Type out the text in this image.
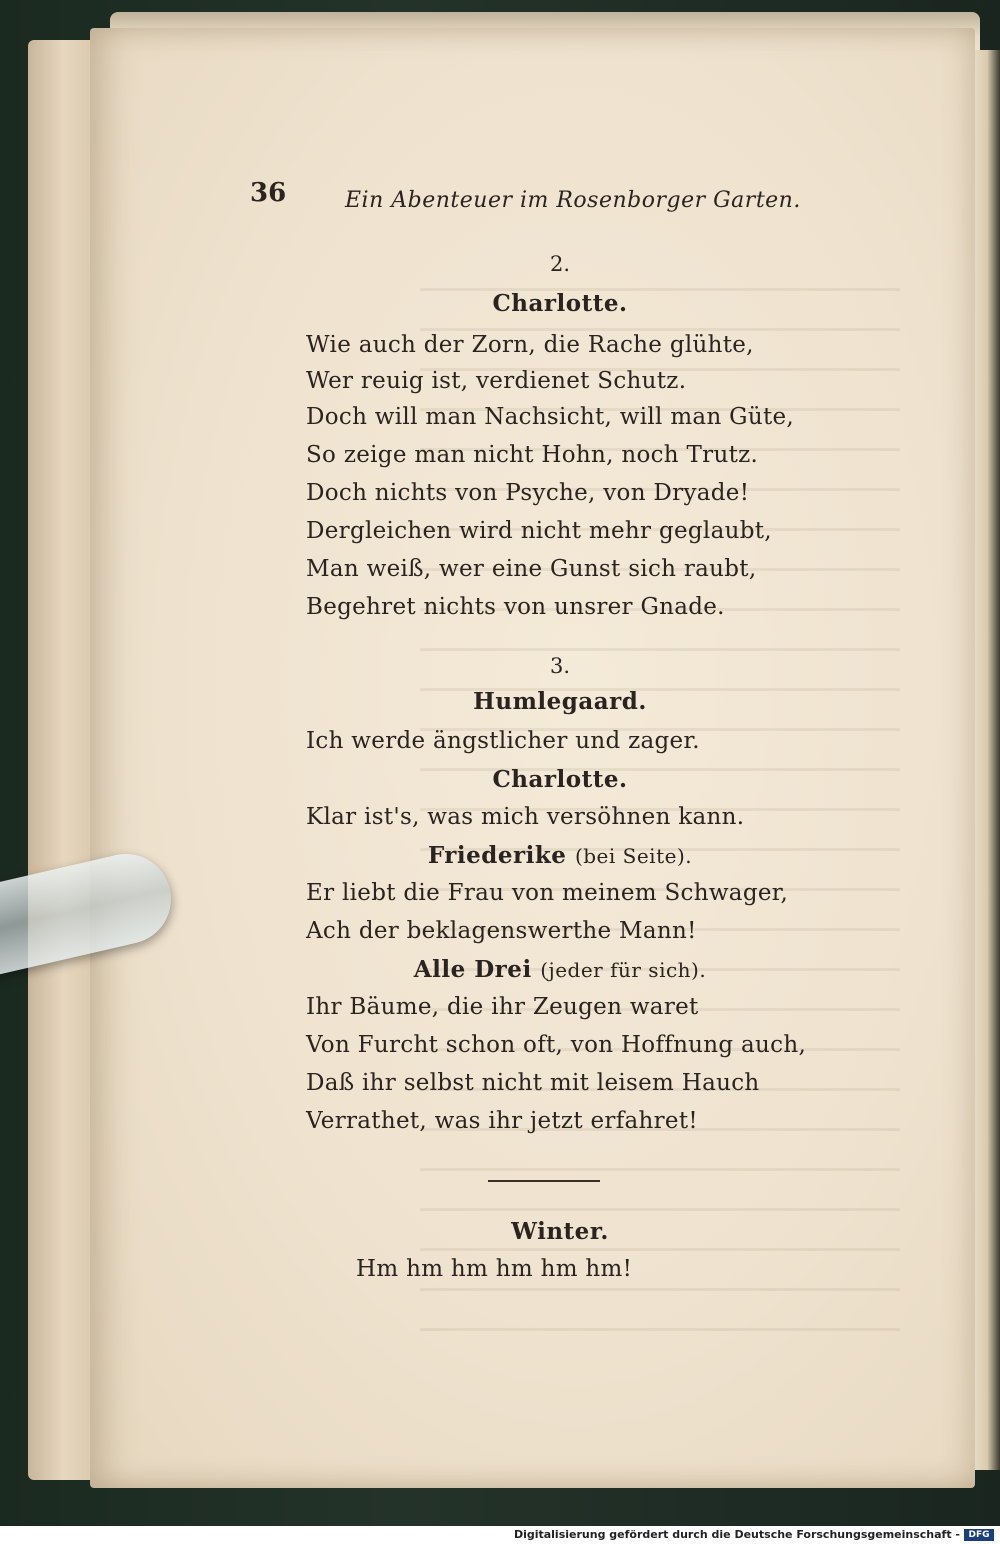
36	Ein Abenteuer im Rosenborger Garten.
2.
Charlotte.
Wie auch der Zorn, die Rache glühte,
Wer reuig ist, verdienet Schutz.
Doch will man Nachsicht, will man Güte,
So zeige man nicht Hohn, noch Trutz.
Doch nichts von Psyche, von Dryade!
Dergleichen wird nicht mehr geglaubt,
Man weiß, wer eine Gunst sich raubt,
Begehret nichts von unsrer Gnade.
3.
Humlegaard.
Ich werde ängstlicher und zager.
Charlotte.
Klar ist's, was mich versöhnen kann.
Friederike (bei Seite).
Er liebt die Frau von meinem Schwager,
Ach der beklagenswerthe Mann!
Alle Drei (jeder für sich).
Ihr Bäume, die ihr Zeugen waret
Von Furcht schon oft, von Hoffnung auch,
Daß ihr selbst nicht mit leisem Hauch
Verrathet, was ihr jetzt erfahret!
Winter.
Hm hm hm hm hm hm!
Digitalisierung gefördert durch die Deutsche Forschungsgemeinschaft - DFG
